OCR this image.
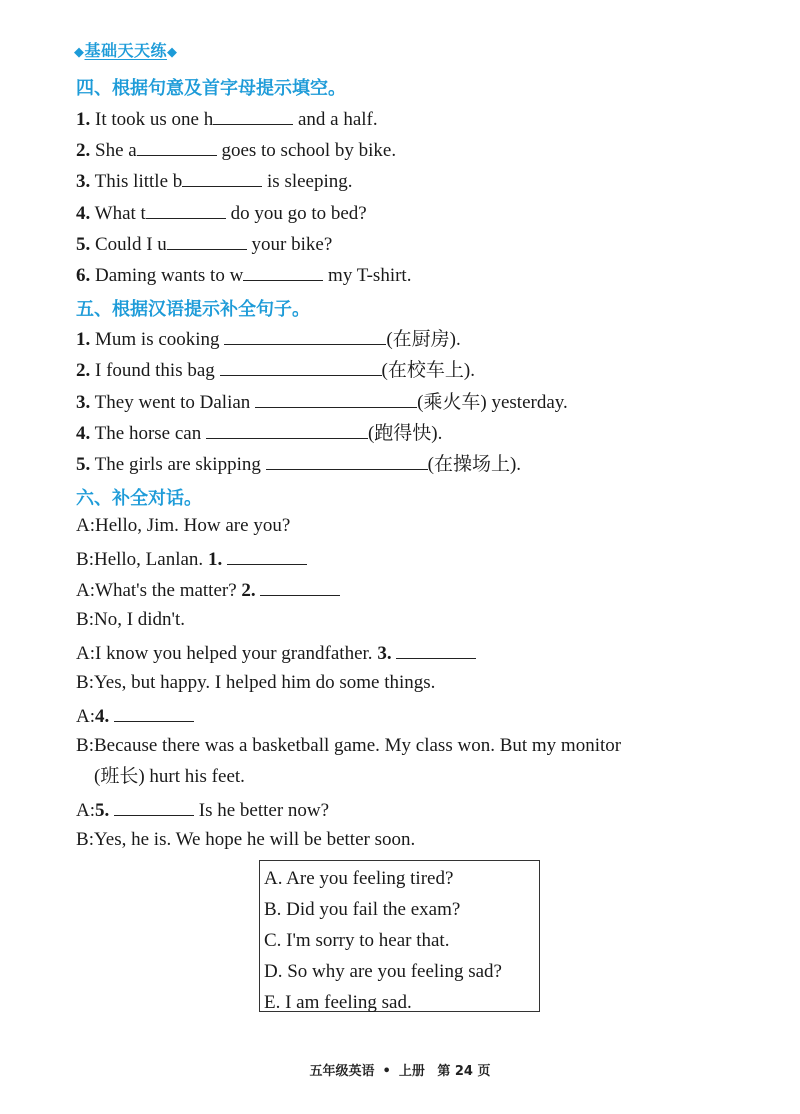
◆基础天天练◆
四、根据句意及首字母提示填空。
1. It took us one h	and a half.
2. She a	goes to school by bike.
3. This little b	is sleeping.
4. What t	do you go to bed?
5. Could I u	your bike?
6. Daming wants to w	my T-shirt.
五、根据汉语提示补全句子。
1. Mum is cooking	(在厨房).
2. I found this bag	(在校车上).
3. They went to Dalian	(乘火车) yesterday.
4. The horse can	(跑得快).
5. The girls are skipping	(在操场上).
六、补全对话。
A:Hello, Jim. How are you?
B:Hello, Lanlan. 1.
A:What's the matter? 2.
B:No, I didn't.
A:I know you helped your grandfather. 3.
B:Yes, but happy. I helped him do some things.
A:4.
B:Because there was a basketball game. My class won. But my monitor
(班长) hurt his feet.
A:5.	Is he better now?
B:Yes, he is. We hope he will be better soon.
A. Are you feeling tired?
B. Did you fail the exam?
C. I'm sorry to hear that.
D. So why are you feeling sad?
E. I am feeling sad.
五年级英语 • 上册 第 24 页
